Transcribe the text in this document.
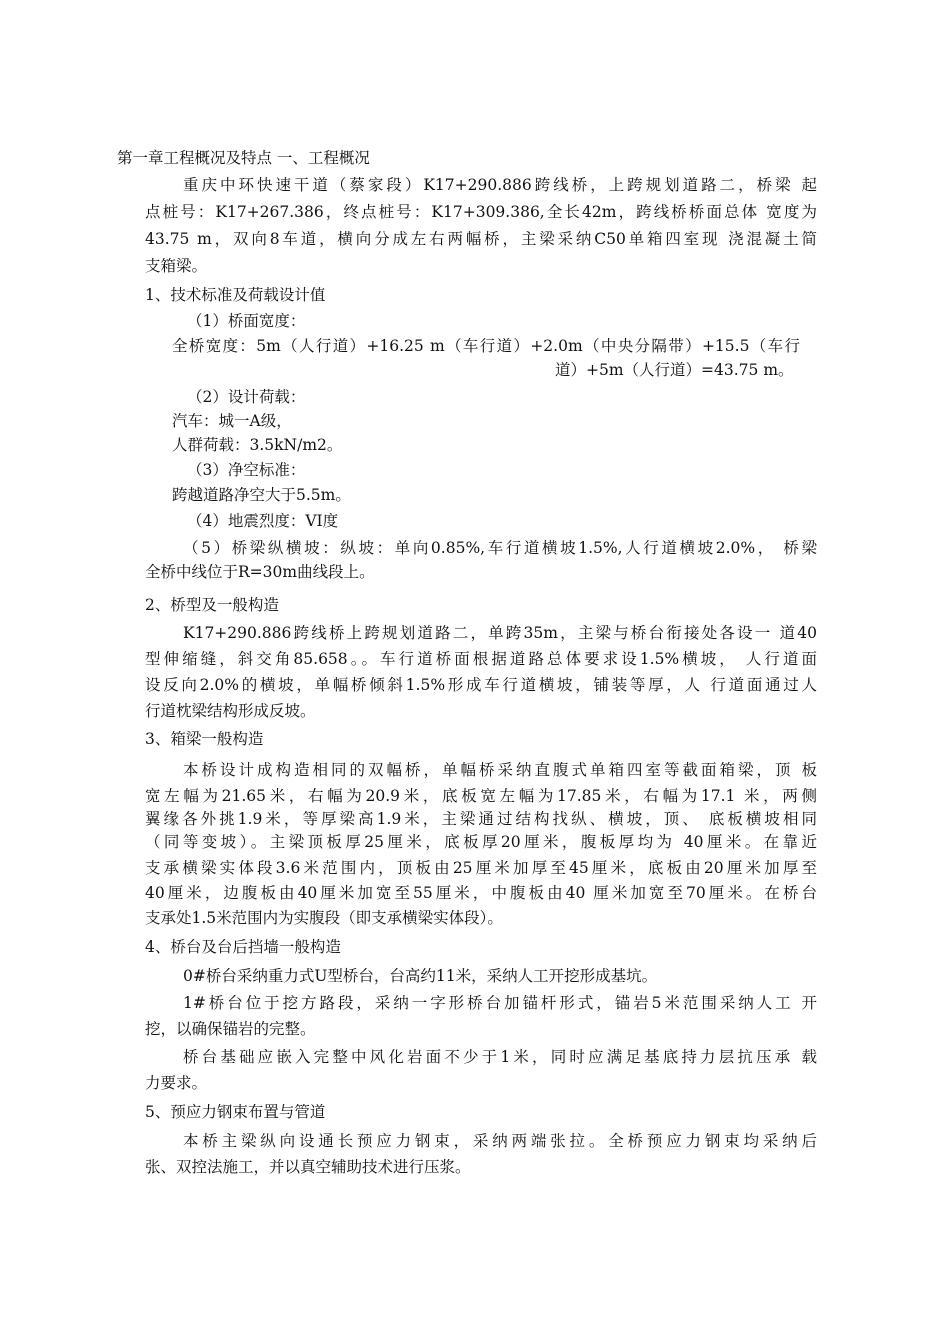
第一章工程概况及特点 一、工程概况
重庆中环快速干道（蔡家段）K17+290.886跨线桥，上跨规划道路二，桥梁 起
点桩号：K17+267.386，终点桩号：K17+309.386,全长42m，跨线桥桥面总体 宽度为
43.75 m，双向8车道，横向分成左右两幅桥，主梁采纳C50单箱四室现 浇混凝土简
支箱梁。
1、技术标准及荷载设计值
（1）桥面宽度：
全桥宽度：5m（人行道）+16.25 m（车行道）+2.0m（中央分隔带）+15.5（车行
道）+5m（人行道）=43.75 m。
（2）设计荷载：
汽车：城一A级，
人群荷载：3.5kN/m2。
（3）净空标准：
跨越道路净空大于5.5m。
（4）地震烈度：VI度
（5）桥梁纵横坡：纵坡：单向0.85%,车行道横坡1.5%,人行道横坡2.0%， 桥梁
全桥中线位于R=30m曲线段上。
2、桥型及一般构造
K17+290.886跨线桥上跨规划道路二，单跨35m，主梁与桥台衔接处各设一 道40
型伸缩缝，斜交角85.658。。车行道桥面根据道路总体要求设1.5%横坡， 人行道面
设反向2.0%的横坡，单幅桥倾斜1.5%形成车行道横坡，铺装等厚，人 行道面通过人
行道枕梁结构形成反坡。
3、箱梁一般构造
本桥设计成构造相同的双幅桥，单幅桥采纳直腹式单箱四室等截面箱梁，顶 板
宽左幅为21.65米，右幅为20.9米，底板宽左幅为17.85米，右幅为17.1 米，两侧
翼缘各外挑1.9米，等厚梁高1.9米，主梁通过结构找纵、横坡，顶、 底板横坡相同
（同等变坡）。主梁顶板厚25厘米，底板厚20厘米，腹板厚均为 40厘米。在靠近
支承横梁实体段3.6米范围内，顶板由25厘米加厚至45厘米，底板由20厘米加厚至
40厘米，边腹板由40厘米加宽至55厘米，中腹板由40 厘米加宽至70厘米。在桥台
支承处1.5米范围内为实腹段（即支承横梁实体段）。
4、桥台及台后挡墙一般构造
0#桥台采纳重力式U型桥台，台高约11米，采纳人工开挖形成基坑。
1#桥台位于挖方路段，采纳一字形桥台加锚杆形式，锚岩5米范围采纳人工 开
挖，以确保锚岩的完整。
桥台基础应嵌入完整中风化岩面不少于1米，同时应满足基底持力层抗压承 载
力要求。
5、预应力钢束布置与管道
本桥主梁纵向设通长预应力钢束，采纳两端张拉。全桥预应力钢束均采纳后
张、双控法施工，并以真空辅助技术进行压浆。
